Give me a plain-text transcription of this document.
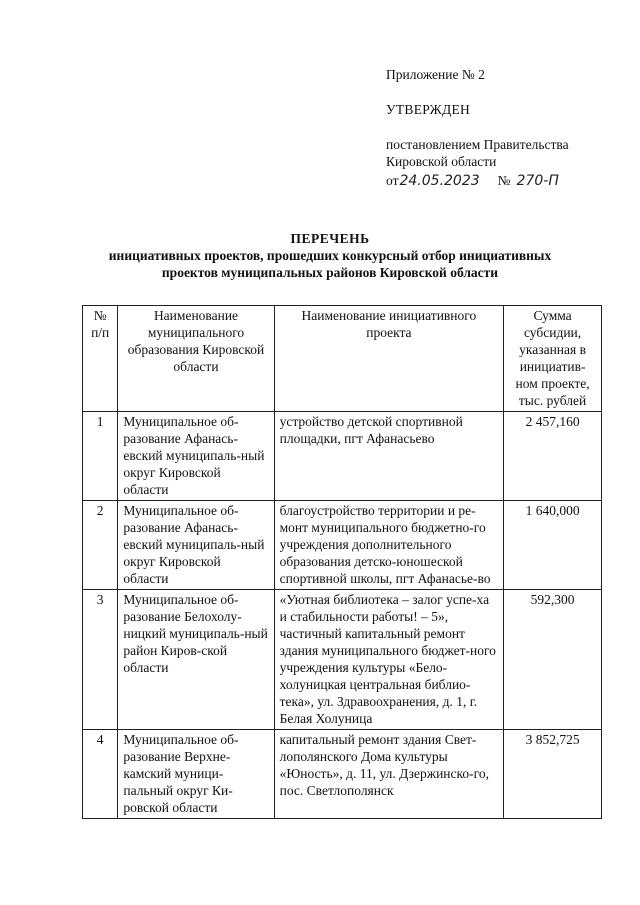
Приложение № 2

УТВЕРЖДЕН

постановлением Правительства

Кировской области

от 24.05.2023 № 270-П
ПЕРЕЧЕНЬ
инициативных проектов, прошедших конкурсный отбор инициативных
проектов муниципальных районов Кировской области
№ п/п	Наименование муниципального образования Кировской области	Наименование инициативного проекта	Сумма субсидии, указанная в инициатив-ном проекте, тыс. рублей
1	Муниципальное об-разование Афанась-евский муниципаль-ный округ Кировской области	устройство детской спортивной площадки, пгт Афанасьево	2 457,160
2	Муниципальное об-разование Афанась-евский муниципаль-ный округ Кировской области	благоустройство территории и ре-монт муниципального бюджетно-го учреждения дополнительного образования детско-юношеской спортивной школы, пгт Афанасье-во	1 640,000
3	Муниципальное об-разование Белохолу-ницкий муниципаль-ный район Киров-ской области	«Уютная библиотека – залог успе-ха и стабильности работы! – 5», частичный капитальный ремонт здания муниципального бюджет-ного учреждения культуры «Бело-холуницкая центральная библио-тека», ул. Здравоохранения, д. 1, г. Белая Холуница	592,300
4	Муниципальное об-разование Верхне-камский муници-пальный округ Ки-ровской области	капитальный ремонт здания Свет-лополянского Дома культуры «Юность», д. 11, ул. Дзержинско-го, пос. Светлополянск	3 852,725
